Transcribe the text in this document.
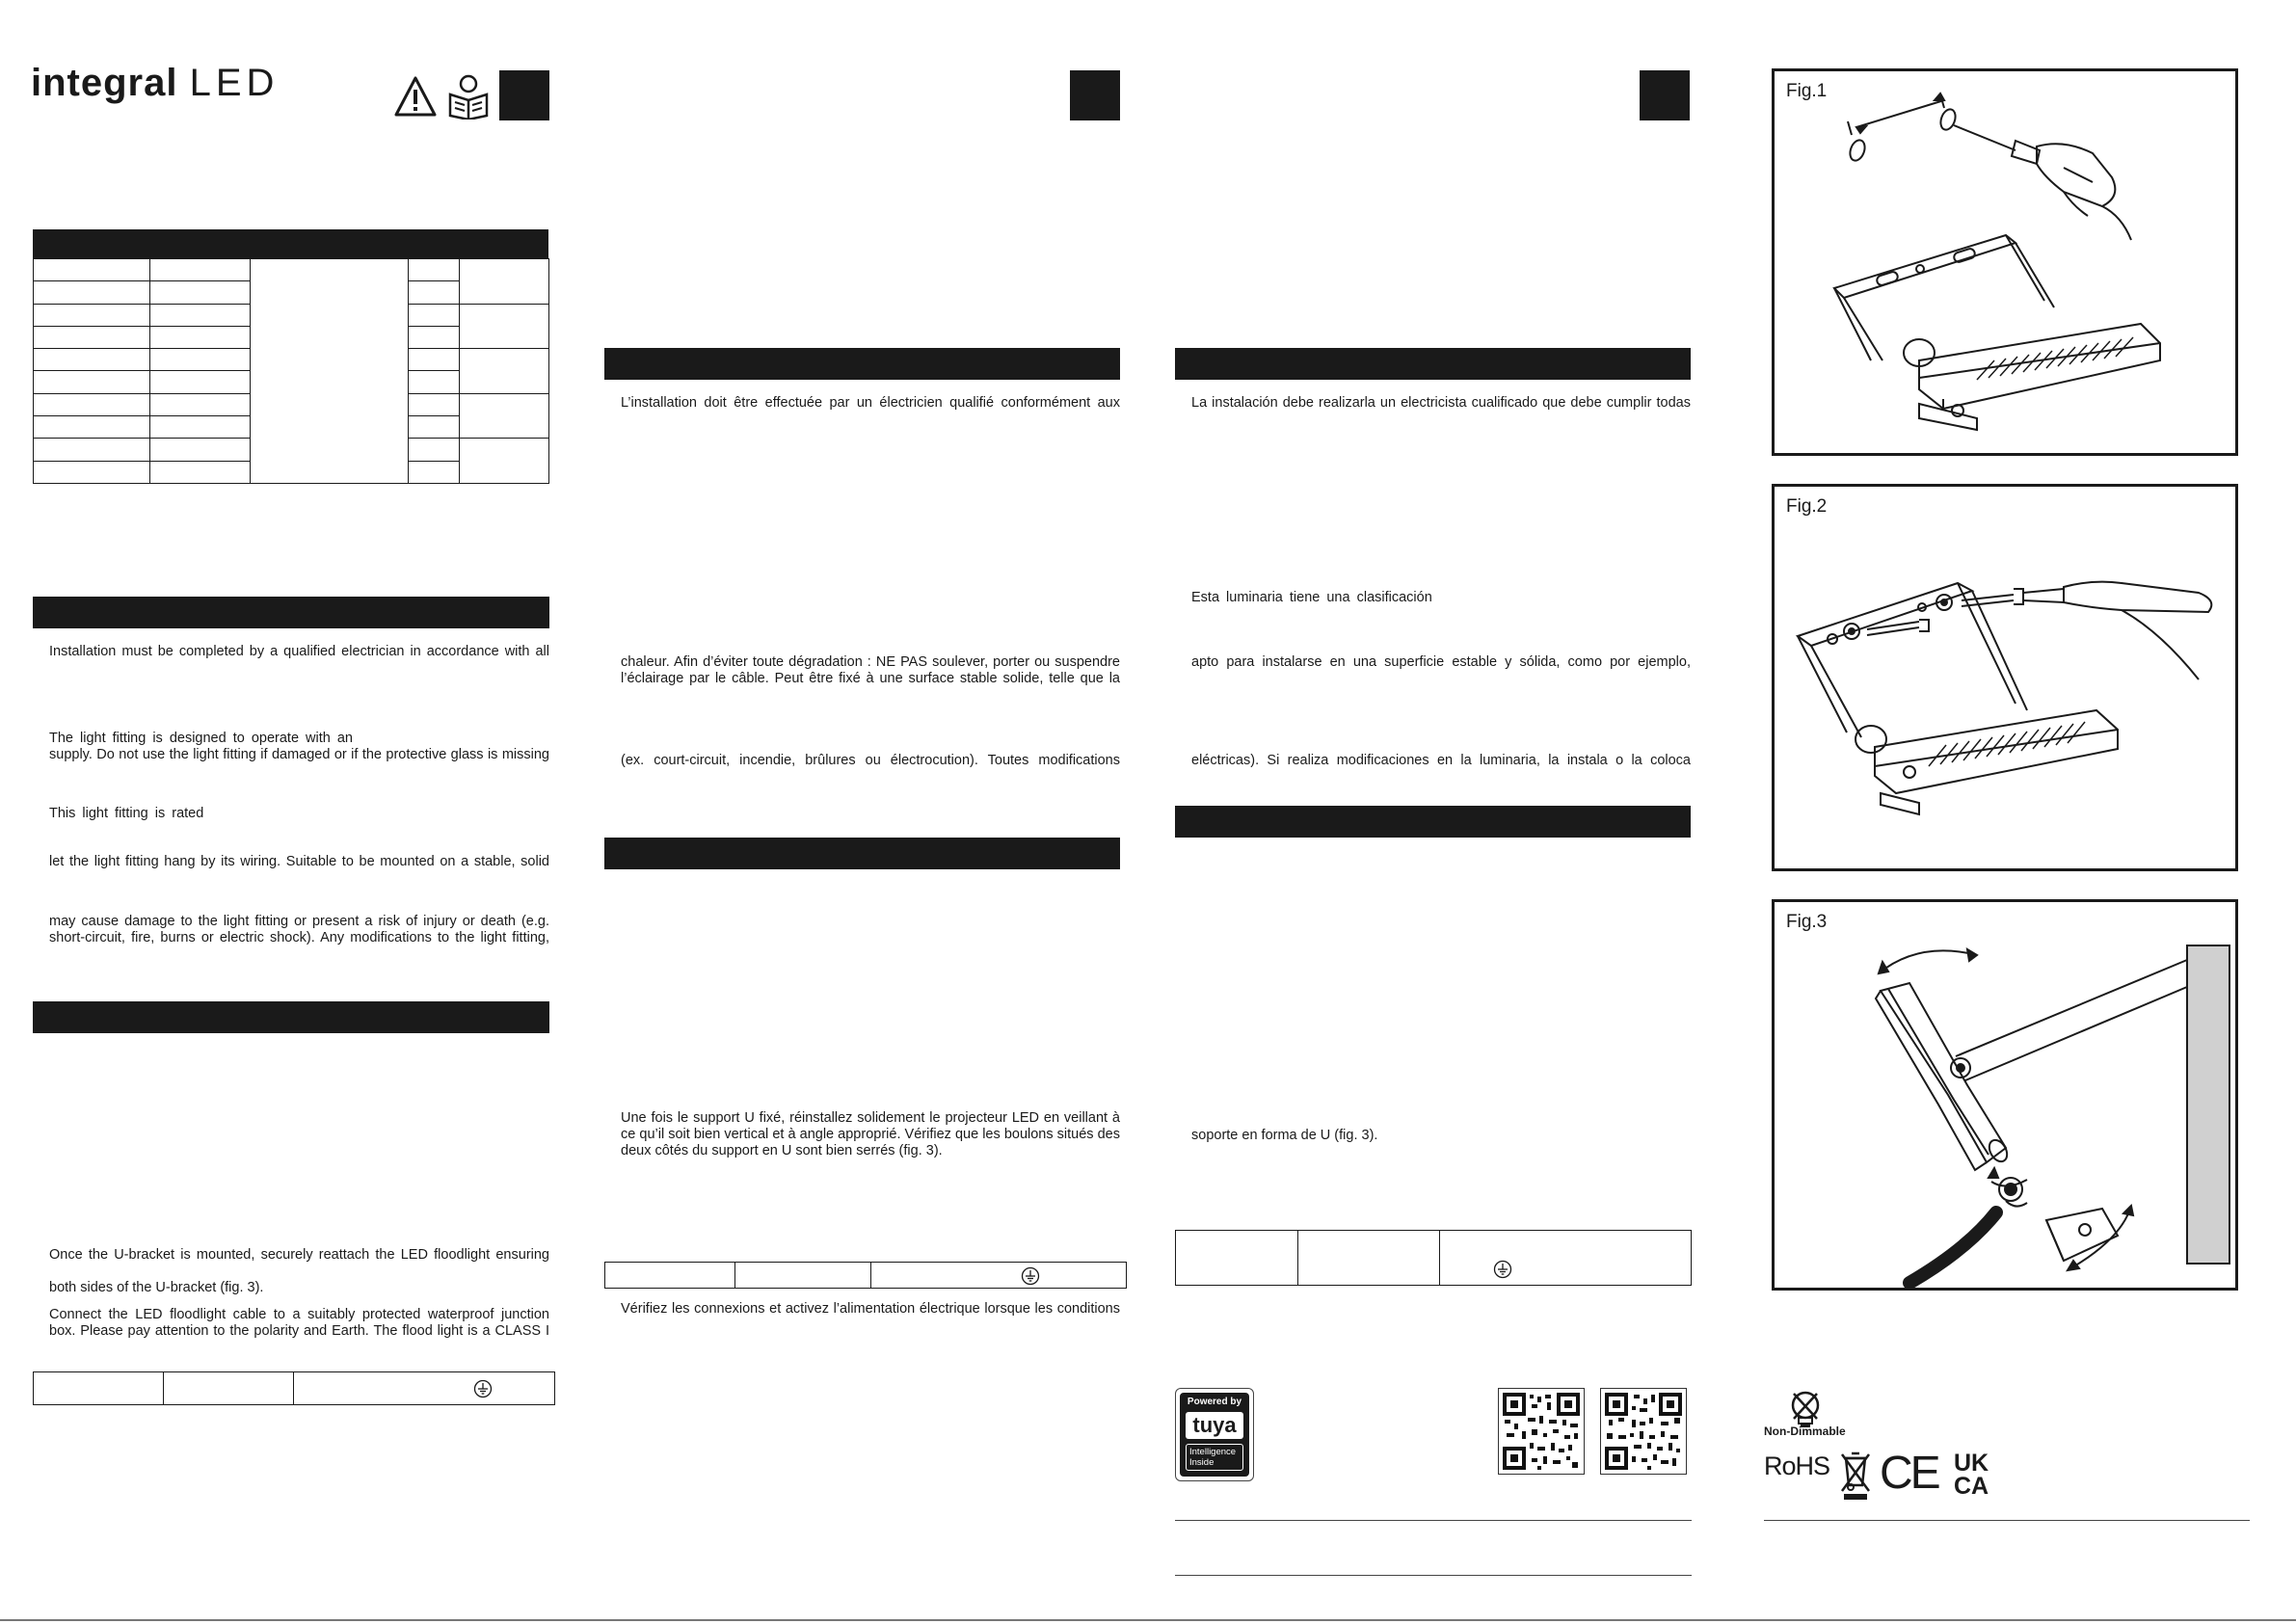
integral LED

Installation must be completed by a qualified electrician in accordance with all
The light fitting is designed to operate with an
supply. Do not use the light fitting if damaged or if the protective glass is missing
This light fitting is rated
let the light fitting hang by its wiring. Suitable to be mounted on a stable, solid
may cause damage to the light fitting or present a risk of injury or death (e.g.
short-circuit, fire, burns or electric shock). Any modifications to the light fitting,
Once the U-bracket is mounted, securely reattach the LED floodlight ensuring
both sides of the U-bracket (fig. 3).
Connect the LED floodlight cable to a suitably protected waterproof junction
box. Please pay attention to the polarity and Earth. The flood light is a CLASS I

L’installation doit être effectuée par un électricien qualifié conformément aux
chaleur. Afin d’éviter toute dégradation : NE PAS soulever, porter ou suspendre
l’éclairage par le câble. Peut être fixé à une surface stable solide, telle que la
(ex. court-circuit, incendie, brûlures ou électrocution). Toutes modifications
Une fois le support U fixé, réinstallez solidement le projecteur LED en veillant à
ce qu’il soit bien vertical et à angle approprié. Vérifiez que les boulons situés des
deux côtés du support en U sont bien serrés (fig. 3).

Vérifiez les connexions et activez l’alimentation électrique lorsque les conditions
La instalación debe realizarla un electricista cualificado que debe cumplir todas
Esta luminaria tiene una clasificación
apto para instalarse en una superficie estable y sólida, como por ejemplo,
eléctricas). Si realiza modificaciones en la luminaria, la instala o la coloca
soporte en forma de U (fig. 3).

Powered by
tuya
Intelligence
Inside
Fig.1
Fig.2
Fig.3
Non-Dimmable
RoHS CE UK
CA
